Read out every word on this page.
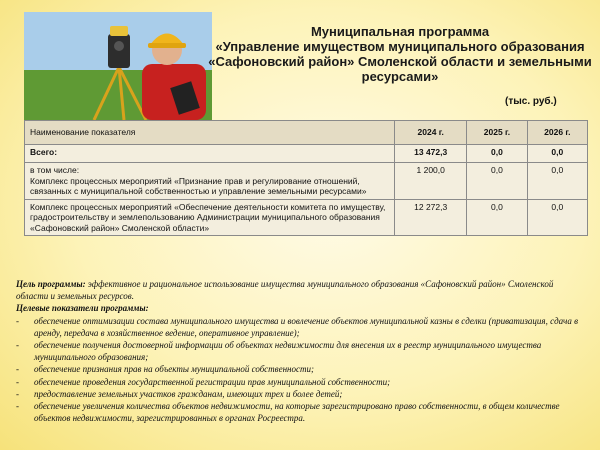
Муниципальная программа
«Управление имуществом муниципального образования
«Сафоновский район» Смоленской области и земельными
ресурсами»
(тыс. руб.)
Наименование показателя	2024 г.	2025 г.	2026 г.
Всего:	13 472,3	0,0	0,0

в том числе:
Комплекс процессных мероприятий «Признание прав и регулирование отношений, связанных с муниципальной собственностью и управление земельными ресурсами»	1 200,0	0,0	0,0
Комплекс процессных мероприятий «Обеспечение деятельности комитета по имуществу, градостроительству и землепользованию Администрации муниципального образования «Сафоновский район» Смоленской области»	12 272,3	0,0	0,0

Цель программы: эффективное и рациональное использование имущества муниципального образования «Сафоновский район» Смоленской области и земельных ресурсов.

Целевые показатели программы:

- обеспечение оптимизации состава муниципального имущества и вовлечение объектов муниципальной казны в сделки (приватизация, сдача в аренду, передача в хозяйственное ведение, оперативное управление);
- обеспечение получения достоверной информации об объектах недвижимости для внесения их в реестр муниципального имущества муниципального образования;
- обеспечение признания прав на объекты муниципальной собственности;
- обеспечение проведения государственной регистрации прав муниципальной собственности;
- предоставление земельных участков гражданам, имеющих трех и более детей;
- обеспечение увеличения количества объектов недвижимости, на которые зарегистрировано право собственности, в общем количестве объектов недвижимости, зарегистрированных в органах Росреестра.
